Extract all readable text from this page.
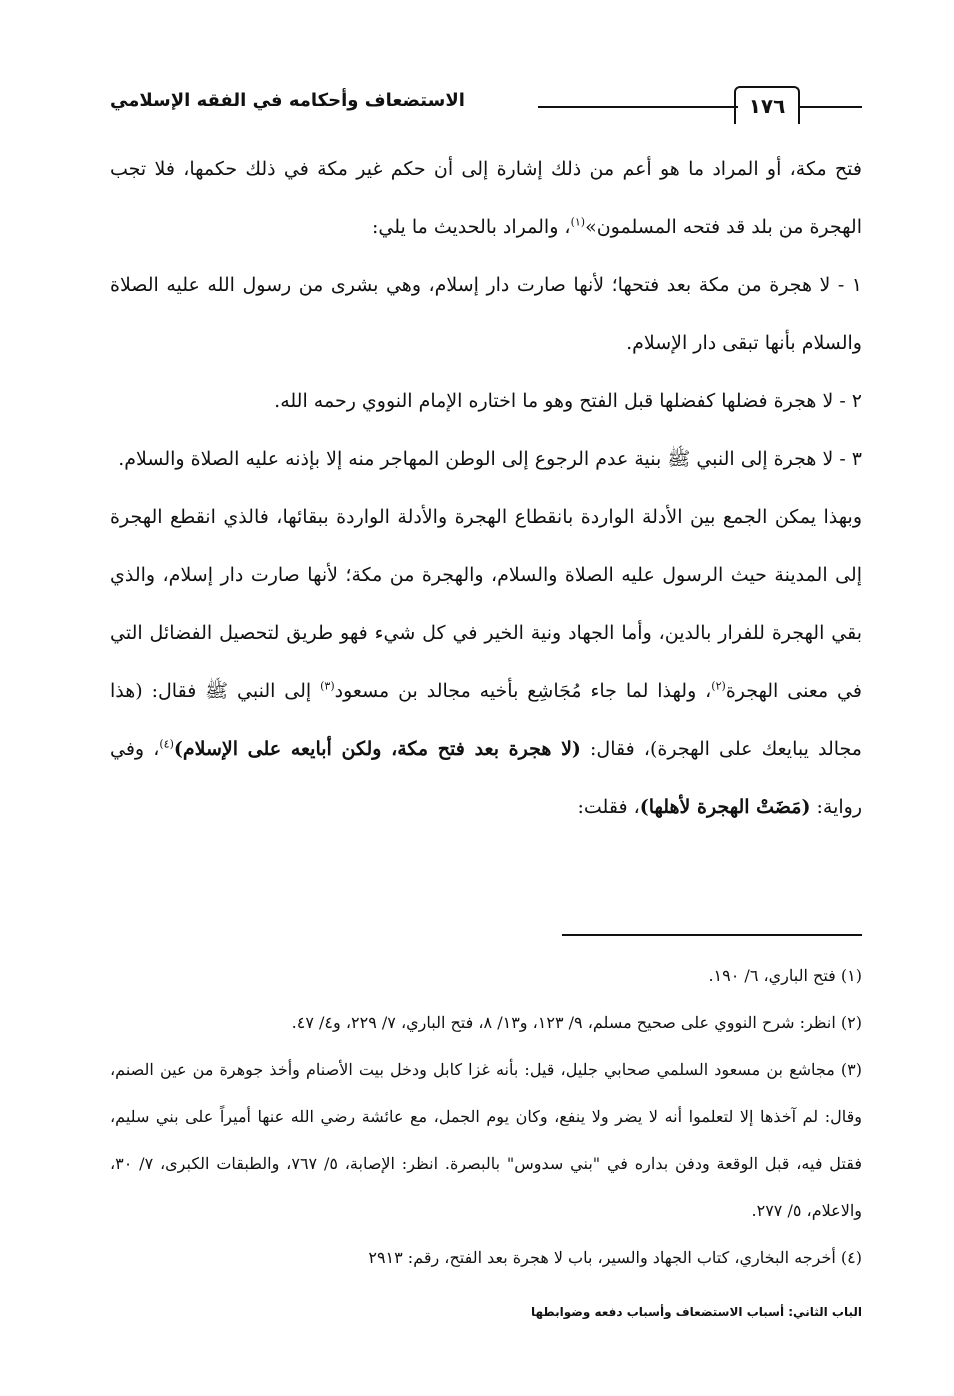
١٧٦
الاستضعاف وأحكامه في الفقه الإسلامي

فتح مكة، أو المراد ما هو أعم من ذلك إشارة إلى أن حكم غير مكة في ذلك حكمها، فلا تجب الهجرة من بلد قد فتحه المسلمون»$^{(١)}$، والمراد بالحديث ما يلي:

١ - لا هجرة من مكة بعد فتحها؛ لأنها صارت دار إسلام، وهي بشرى من رسول الله عليه الصلاة والسلام بأنها تبقى دار الإسلام.

٢ - لا هجرة فضلها كفضلها قبل الفتح وهو ما اختاره الإمام النووي رحمه الله.

٣ - لا هجرة إلى النبي ﷺ بنية عدم الرجوع إلى الوطن المهاجر منه إلا بإذنه عليه الصلاة والسلام.

وبهذا يمكن الجمع بين الأدلة الواردة بانقطاع الهجرة والأدلة الواردة ببقائها، فالذي انقطع الهجرة إلى المدينة حيث الرسول عليه الصلاة والسلام، والهجرة من مكة؛ لأنها صارت دار إسلام، والذي بقي الهجرة للفرار بالدين، وأما الجهاد ونية الخير في كل شيء فهو طريق لتحصيل الفضائل التي في معنى الهجرة$^{(٢)}$، ولهذا لما جاء مُجَاشِع بأخيه مجالد بن مسعود$^{(٣)}$ إلى النبي ﷺ فقال: (هذا مجالد يبايعك على الهجرة)، فقال: (لا هجرة بعد فتح مكة، ولكن أبايعه على الإسلام)$^{(٤)}$، وفي رواية: (مَضَتْ الهجرة لأهلها)، فقلت:

(١) فتح الباري، ٦/ ١٩٠.

(٢) انظر: شرح النووي على صحيح مسلم، ٩/ ١٢٣، و١٣/ ٨، فتح الباري، ٧/ ٢٢٩، و٤/ ٤٧.

(٣) مجاشع بن مسعود السلمي صحابي جليل، قيل: بأنه غزا كابل ودخل بيت الأصنام وأخذ جوهرة من عين الصنم، وقال: لم آخذها إلا لتعلموا أنه لا يضر ولا ينفع، وكان يوم الجمل، مع عائشة رضي الله عنها أميراً على بني سليم، فقتل فيه، قبل الوقعة ودفن بداره في "بني سدوس" بالبصرة. انظر: الإصابة، ٥/ ٧٦٧، والطبقات الكبرى، ٧/ ٣٠، والاعلام، ٥/ ٢٧٧.

(٤) أخرجه البخاري، كتاب الجهاد والسير، باب لا هجرة بعد الفتح، رقم: ٢٩١٣

الباب الثاني: أسباب الاستضعاف وأسباب دفعه وضوابطها
